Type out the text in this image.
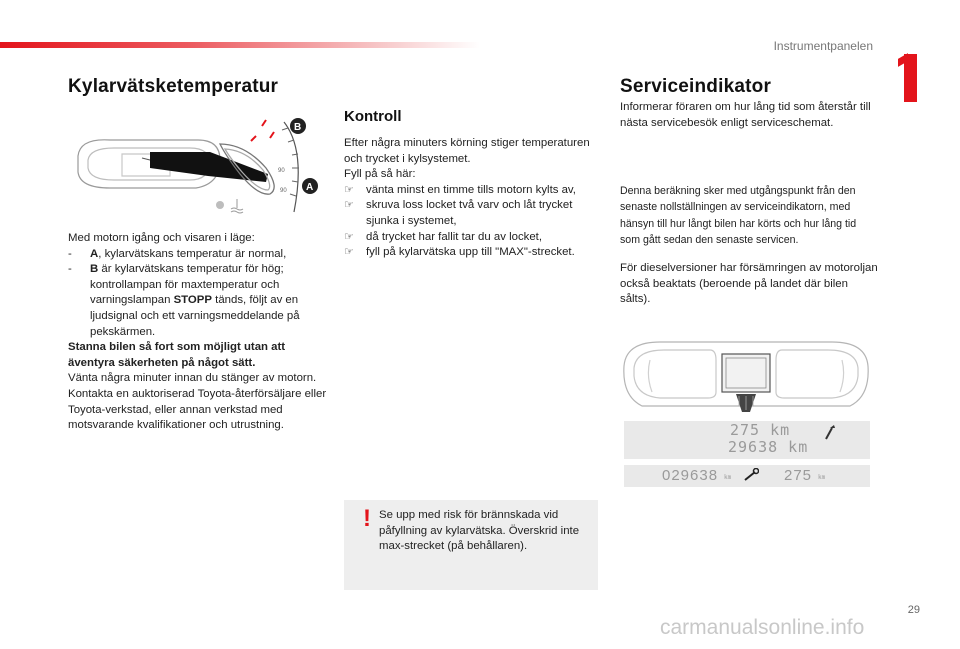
Instrumentpanelen
Kylarvätsketemperatur
90
90
B
A
Med motorn igång och visaren i läge:
-	A, kylarvätskans temperatur är normal,
-	B är kylarvätskans temperatur för hög; kontrollampan för maxtemperatur och varningslampan STOPP tänds, följt av en ljudsignal och ett varningsmeddelande på pekskärmen.
Stanna bilen så fort som möjligt utan att äventyra säkerheten på något sätt.
Vänta några minuter innan du stänger av motorn.
Kontakta en auktoriserad Toyota-återförsäljare eller Toyota-verkstad, eller annan verkstad med motsvarande kvalifikationer och utrustning.
Kontroll
Efter några minuters körning stiger temperaturen och trycket i kylsystemet.
Fyll på så här:
☞	vänta minst en timme tills motorn kylts av,
☞	skruva loss locket två varv och låt trycket sjunka i systemet,
☞	då trycket har fallit tar du av locket,
☞	fyll på kylarvätska upp till "MAX"-strecket.
! Se upp med risk för brännskada vid påfyllning av kylarvätska. Överskrid inte max-strecket (på behållaren).
Serviceindikator
Informerar föraren om hur lång tid som återstår till nästa servicebesök enligt serviceschemat.
Denna beräkning sker med utgångspunkt från den senaste nollställningen av serviceindikatorn, med hänsyn till hur långt bilen har körts och hur lång tid som gått sedan den senaste servicen.
För dieselversioner har försämringen av motoroljan också beaktats (beroende på landet där bilen sålts).
275 km
29638 km
029638 km	275 km
29
carmanualsonline.info
